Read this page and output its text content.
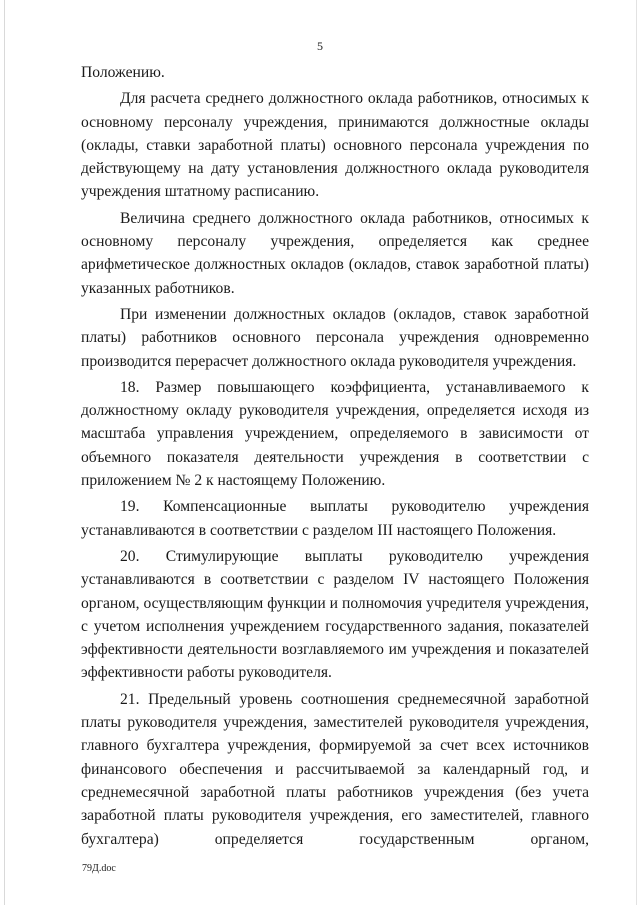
5

Положению.

Для расчета среднего должностного оклада работников, относимых к основному персоналу учреждения, принимаются должностные оклады (оклады, ставки заработной платы) основного персонала учреждения по действующему на дату установления должностного оклада руководителя учреждения штатному расписанию.

Величина среднего должностного оклада работников, относимых к основному персоналу учреждения, определяется как среднее арифметическое должностных окладов (окладов, ставок заработной платы) указанных работников.

При изменении должностных окладов (окладов, ставок заработной платы) работников основного персонала учреждения одновременно производится перерасчет должностного оклада руководителя учреждения.

18. Размер повышающего коэффициента, устанавливаемого к должностному окладу руководителя учреждения, определяется исходя из масштаба управления учреждением, определяемого в зависимости от объемного показателя деятельности учреждения в соответствии с приложением № 2 к настоящему Положению.

19. Компенсационные выплаты руководителю учреждения устанавливаются в соответствии с разделом III настоящего Положения.

20. Стимулирующие выплаты руководителю учреждения устанавливаются в соответствии с разделом IV настоящего Положения органом, осуществляющим функции и полномочия учредителя учреждения, с учетом исполнения учреждением государственного задания, показателей эффективности деятельности возглавляемого им учреждения и показателей эффективности работы руководителя.

21. Предельный уровень соотношения среднемесячной заработной платы руководителя учреждения, заместителей руководителя учреждения, главного бухгалтера учреждения, формируемой за счет всех источников финансового обеспечения и рассчитываемой за календарный год, и среднемесячной заработной платы работников учреждения (без учета заработной платы руководителя учреждения, его заместителей, главного бухгалтера) определяется государственным органом,

79Д.doc
